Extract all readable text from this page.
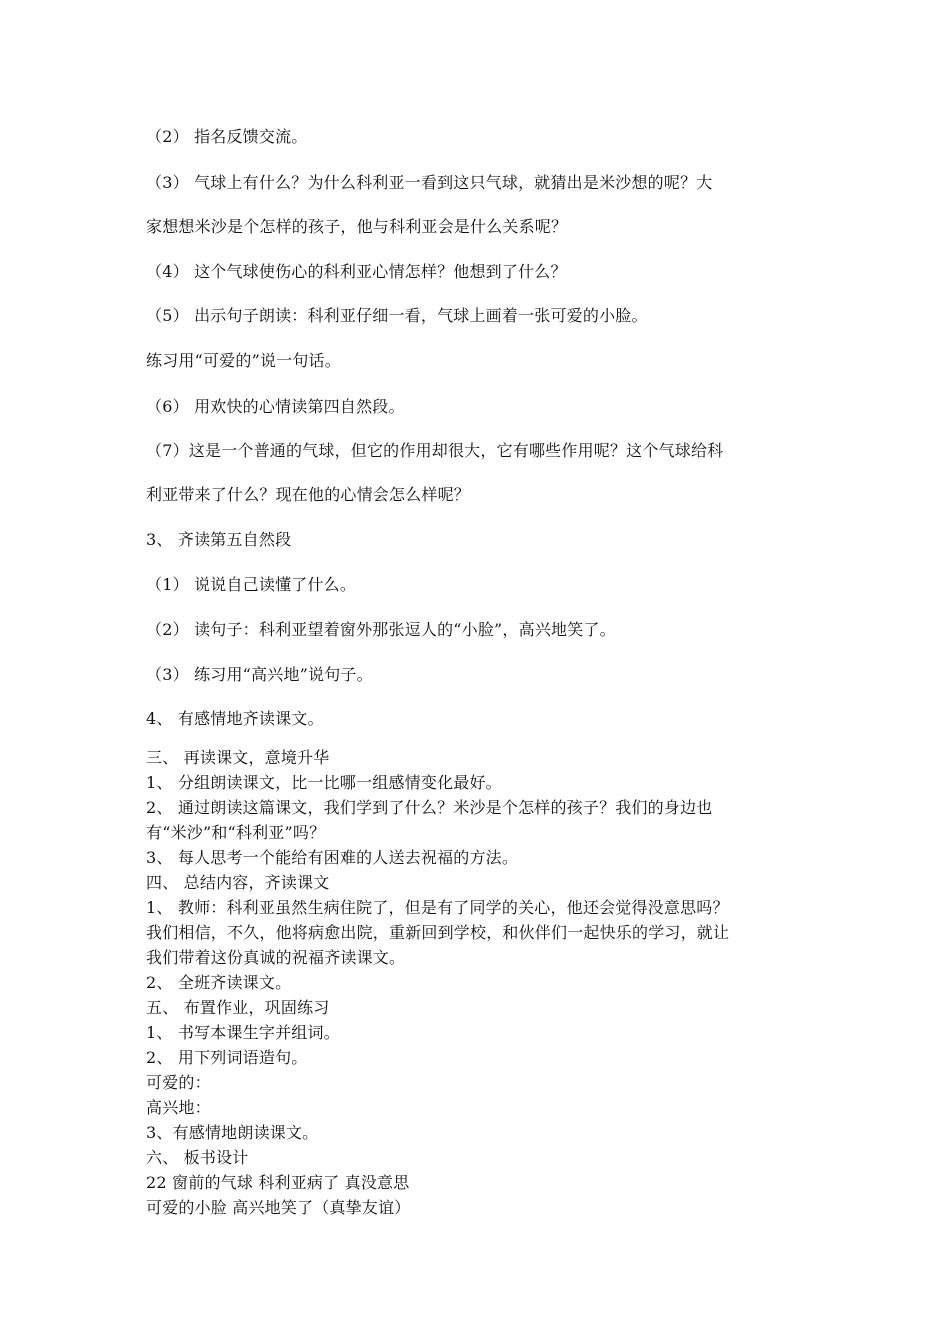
（2） 指名反馈交流。
（3） 气球上有什么？为什么科利亚一看到这只气球，就猜出是米沙想的呢？大
家想想米沙是个怎样的孩子，他与科利亚会是什么关系呢？
（4） 这个气球使伤心的科利亚心情怎样？他想到了什么？
（5） 出示句子朗读：科利亚仔细一看，气球上画着一张可爱的小脸。
练习用“可爱的”说一句话。
（6） 用欢快的心情读第四自然段。
（7）这是一个普通的气球，但它的作用却很大，它有哪些作用呢？这个气球给科
利亚带来了什么？现在他的心情会怎么样呢？
3、 齐读第五自然段
（1） 说说自己读懂了什么。
（2） 读句子：科利亚望着窗外那张逗人的“小脸”，高兴地笑了。
（3） 练习用“高兴地”说句子。
4、 有感情地齐读课文。
三、 再读课文，意境升华
1、 分组朗读课文，比一比哪一组感情变化最好。
2、 通过朗读这篇课文，我们学到了什么？米沙是个怎样的孩子？我们的身边也
有“米沙”和“科利亚”吗？
3、 每人思考一个能给有困难的人送去祝福的方法。
四、 总结内容，齐读课文
1、 教师：科利亚虽然生病住院了，但是有了同学的关心，他还会觉得没意思吗？
我们相信，不久，他将病愈出院，重新回到学校，和伙伴们一起快乐的学习，就让
我们带着这份真诚的祝福齐读课文。
2、 全班齐读课文。
五、 布置作业，巩固练习
1、 书写本课生字并组词。
2、 用下列词语造句。
可爱的：
高兴地：
3、有感情地朗读课文。
六、 板书设计
22 窗前的气球 科利亚病了 真没意思
可爱的小脸 高兴地笑了（真挚友谊）
